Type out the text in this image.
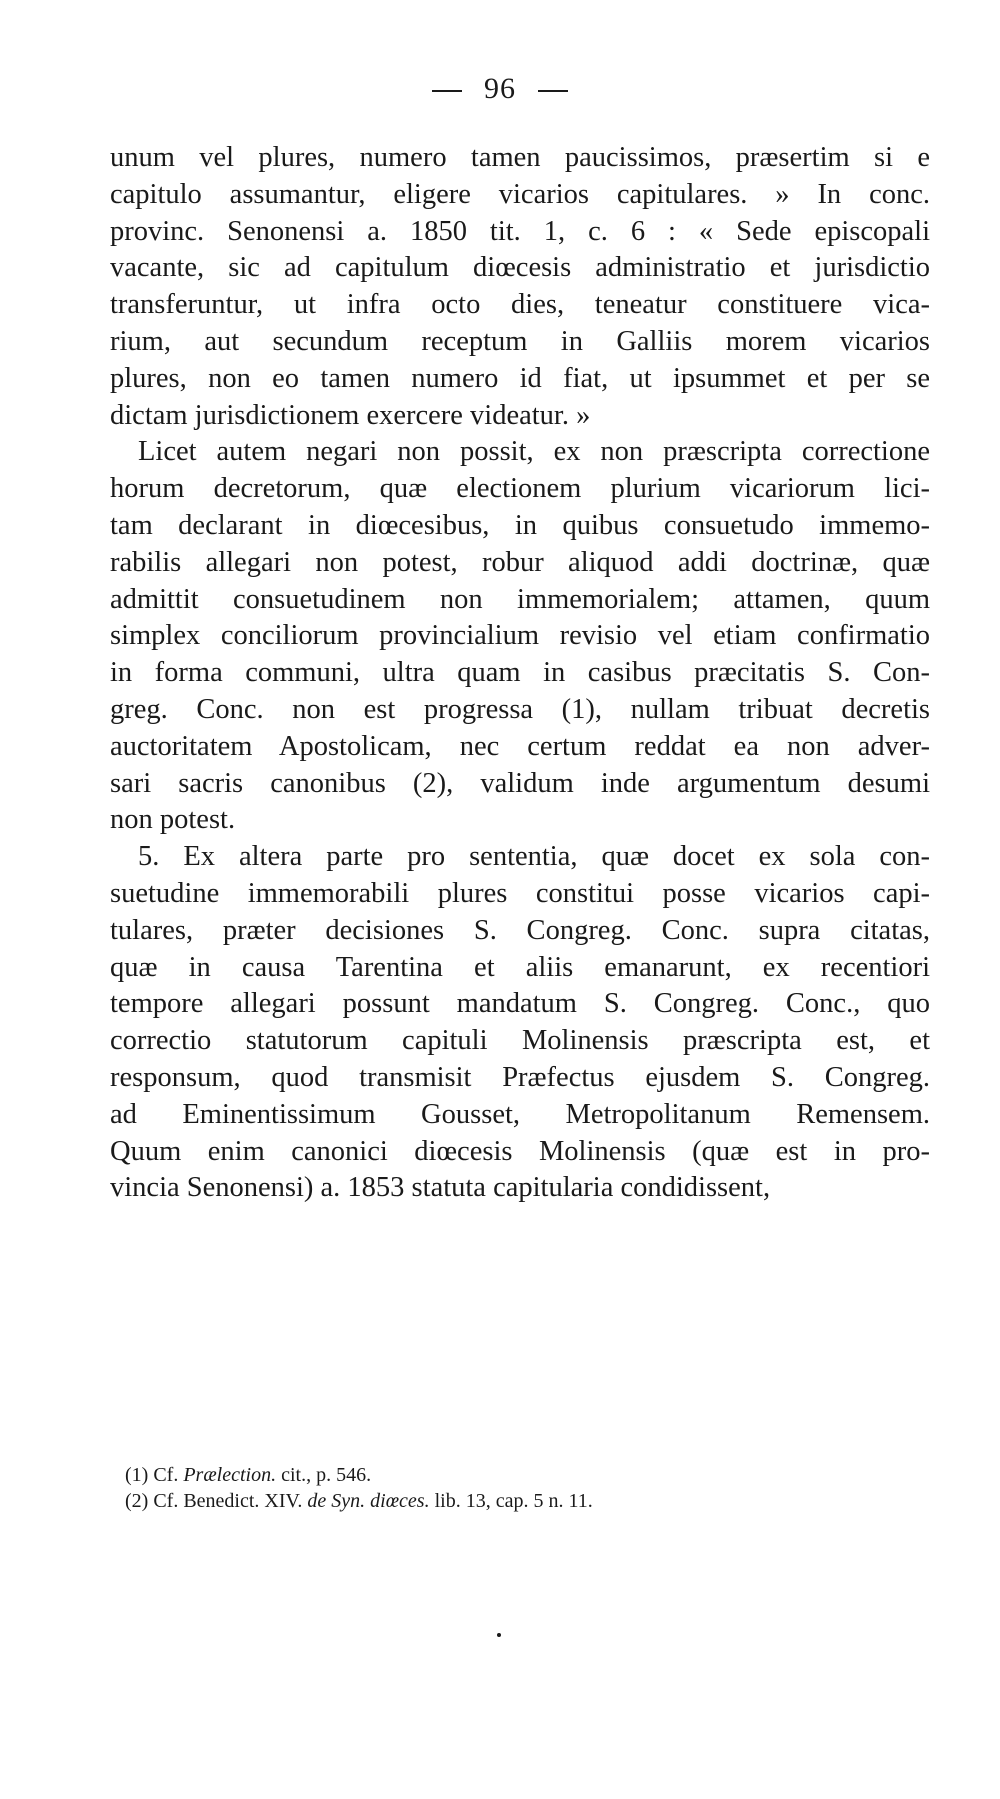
96
unum vel plures, numero tamen paucissimos, præsertim si e
capitulo assumantur, eligere vicarios capitulares. » In conc.
provinc. Senonensi a. 1850 tit. 1, c. 6 : « Sede episcopali
vacante, sic ad capitulum diœcesis administratio et jurisdictio
transferuntur, ut infra octo dies, teneatur constituere vica-
rium, aut secundum receptum in Galliis morem vicarios
plures, non eo tamen numero id fiat, ut ipsummet et per se
dictam jurisdictionem exercere videatur. »
Licet autem negari non possit, ex non præscripta correctione
horum decretorum, quæ electionem plurium vicariorum lici-
tam declarant in diœcesibus, in quibus consuetudo immemo-
rabilis allegari non potest, robur aliquod addi doctrinæ, quæ
admittit consuetudinem non immemorialem; attamen, quum
simplex conciliorum provincialium revisio vel etiam confirmatio
in forma communi, ultra quam in casibus præcitatis S. Con-
greg. Conc. non est progressa (1), nullam tribuat decretis
auctoritatem Apostolicam, nec certum reddat ea non adver-
sari sacris canonibus (2), validum inde argumentum desumi
non potest.
5. Ex altera parte pro sententia, quæ docet ex sola con-
suetudine immemorabili plures constitui posse vicarios capi-
tulares, præter decisiones S. Congreg. Conc. supra citatas,
quæ in causa Tarentina et aliis emanarunt, ex recentiori
tempore allegari possunt mandatum S. Congreg. Conc., quo
correctio statutorum capituli Molinensis præscripta est, et
responsum, quod transmisit Præfectus ejusdem S. Congreg.
ad Eminentissimum Gousset, Metropolitanum Remensem.
Quum enim canonici diœcesis Molinensis (quæ est in pro-
vincia Senonensi) a. 1853 statuta capitularia condidissent,
(1) Cf. Prælection. cit., p. 546.
(2) Cf. Benedict. XIV. de Syn. diœces. lib. 13, cap. 5 n. 11.
